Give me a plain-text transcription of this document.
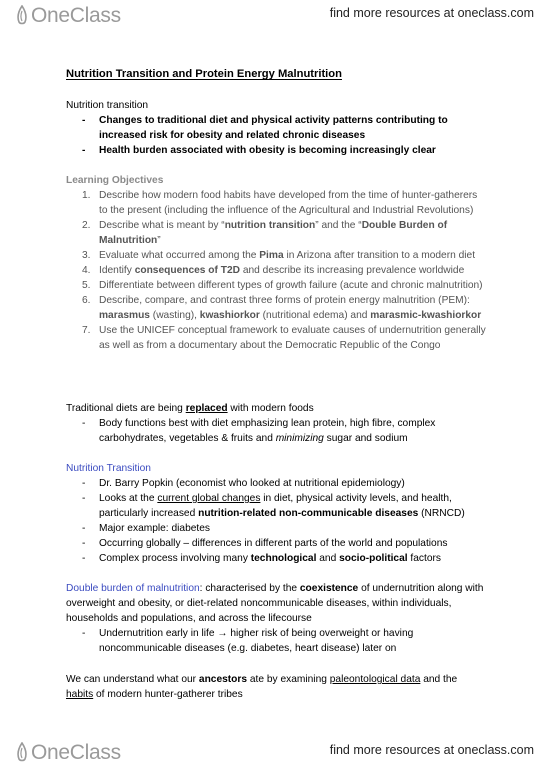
OneClass	find more resources at oneclass.com
Nutrition Transition and Protein Energy Malnutrition

Nutrition transition

- Changes to traditional diet and physical activity patterns contributing to increased risk for obesity and related chronic diseases
- Health burden associated with obesity is becoming increasingly clear

Learning Objectives

1. Describe how modern food habits have developed from the time of hunter-gatherers to the present (including the influence of the Agricultural and Industrial Revolutions)
2. Describe what is meant by “nutrition transition” and the “Double Burden of Malnutrition”
3. Evaluate what occurred among the Pima in Arizona after transition to a modern diet
4. Identify consequences of T2D and describe its increasing prevalence worldwide
5. Differentiate between different types of growth failure (acute and chronic malnutrition)
6. Describe, compare, and contrast three forms of protein energy malnutrition (PEM): marasmus (wasting), kwashiorkor (nutritional edema) and marasmic-kwashiorkor
7. Use the UNICEF conceptual framework to evaluate causes of undernutrition generally as well as from a documentary about the Democratic Republic of the Congo

Traditional diets are being replaced with modern foods

- Body functions best with diet emphasizing lean protein, high fibre, complex carbohydrates, vegetables & fruits and minimizing sugar and sodium

Nutrition Transition

- Dr. Barry Popkin (economist who looked at nutritional epidemiology)
- Looks at the current global changes in diet, physical activity levels, and health, particularly increased nutrition-related non-communicable diseases (NRNCD)
- Major example: diabetes
- Occurring globally – differences in different parts of the world and populations
- Complex process involving many technological and socio-political factors

Double burden of malnutrition: characterised by the coexistence of undernutrition along with overweight and obesity, or diet-related noncommunicable diseases, within individuals, households and populations, and across the lifecourse

- Undernutrition early in life → higher risk of being overweight or having noncommunicable diseases (e.g. diabetes, heart disease) later on

We can understand what our ancestors ate by examining paleontological data and the habits of modern hunter-gatherer tribes

OneClass	find more resources at oneclass.com
